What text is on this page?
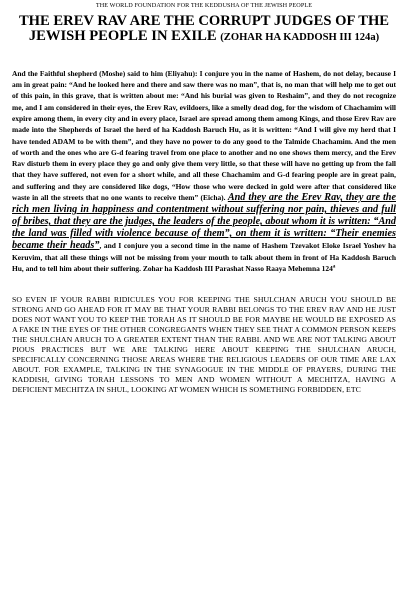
THE WORLD FOUNDATION FOR THE KEDDUSHA OF THE JEWISH PEOPLE

THE EREV RAV ARE THE CORRUPT JUDGES OF THE JEWISH PEOPLE IN EXILE (ZOHAR HA KADDOSH III 124a)

And the Faithful shepherd (Moshe) said to him (Eliyahu): I conjure you in the name of Hashem, do not delay, because I am in great pain: “And he looked here and there and saw there was no man”, that is, no man that will help me to get out of this pain, in this grave, that is written about me: “And his burial was given to Reshaim”, and they do not recognize me, and I am considered in their eyes, the Erev Rav, evildoers, like a smelly dead dog, for the wisdom of Chachamim will expire among them, in every city and in every place, Israel are spread among them among Kings, and those Erev Rav are made into the Shepherds of Israel the herd of ha Kaddosh Baruch Hu, as it is written: “And I will give my herd that I have tended ADAM to be with them”, and they have no power to do any good to the Talmide Chachamim. And the men of worth and the ones who are G-d fearing travel from one place to another and no one shows them mercy, and the Erev Rav disturb them in every place they go and only give them very little, so that these will have no getting up from the fall that they have suffered, not even for a short while, and all these Chachamim and G-d fearing people are in great pain, and suffering and they are considered like dogs, “How those who were decked in gold were after that considered like waste in all the streets that no one wants to receive them” (Eicha). And they are the Erev Rav, they are the rich men living in happiness and contentment without suffering nor pain, thieves and full of bribes, that they are the judges, the leaders of the people, about whom it is written: “And the land was filled with violence because of them”, on them it is written: “Their enemies became their heads”, and I conjure you a second time in the name of Hashem Tzevakot Eloke Israel Yoshev ha Keruvim, that all these things will not be missing from your mouth to talk about them in front of Ha Kaddosh Baruch Hu, and to tell him about their suffering. Zohar ha Kaddosh III Parashat Nasso Raaya Mehemna 124$^a$

SO EVEN IF YOUR RABBI RIDICULES YOU FOR KEEPING THE SHULCHAN ARUCH YOU SHOULD BE STRONG AND GO AHEAD FOR IT MAY BE THAT YOUR RABBI BELONGS TO THE EREV RAV AND HE JUST DOES NOT WANT YOU TO KEEP THE TORAH AS IT SHOULD BE FOR MAYBE HE WOULD BE EXPOSED AS A FAKE IN THE EYES OF THE OTHER CONGREGANTS WHEN THEY SEE THAT A COMMON PERSON KEEPS THE SHULCHAN ARUCH TO A GREATER EXTENT THAN THE RABBI. AND WE ARE NOT TALKING ABOUT PIOUS PRACTICES BUT WE ARE TALKING HERE ABOUT KEEPING THE SHULCHAN ARUCH, SPECIFICALLY CONCERNING THOSE AREAS WHERE THE RELIGIOUS LEADERS OF OUR TIME ARE LAX ABOUT. FOR EXAMPLE, TALKING IN THE SYNAGOGUE IN THE MIDDLE OF PRAYERS, DURING THE KADDISH, GIVING TORAH LESSONS TO MEN AND WOMEN WITHOUT A MECHITZA, HAVING A DEFICIENT MECHITZA IN SHUL, LOOKING AT WOMEN WHICH IS SOMETHING FORBIDDEN, ETC
